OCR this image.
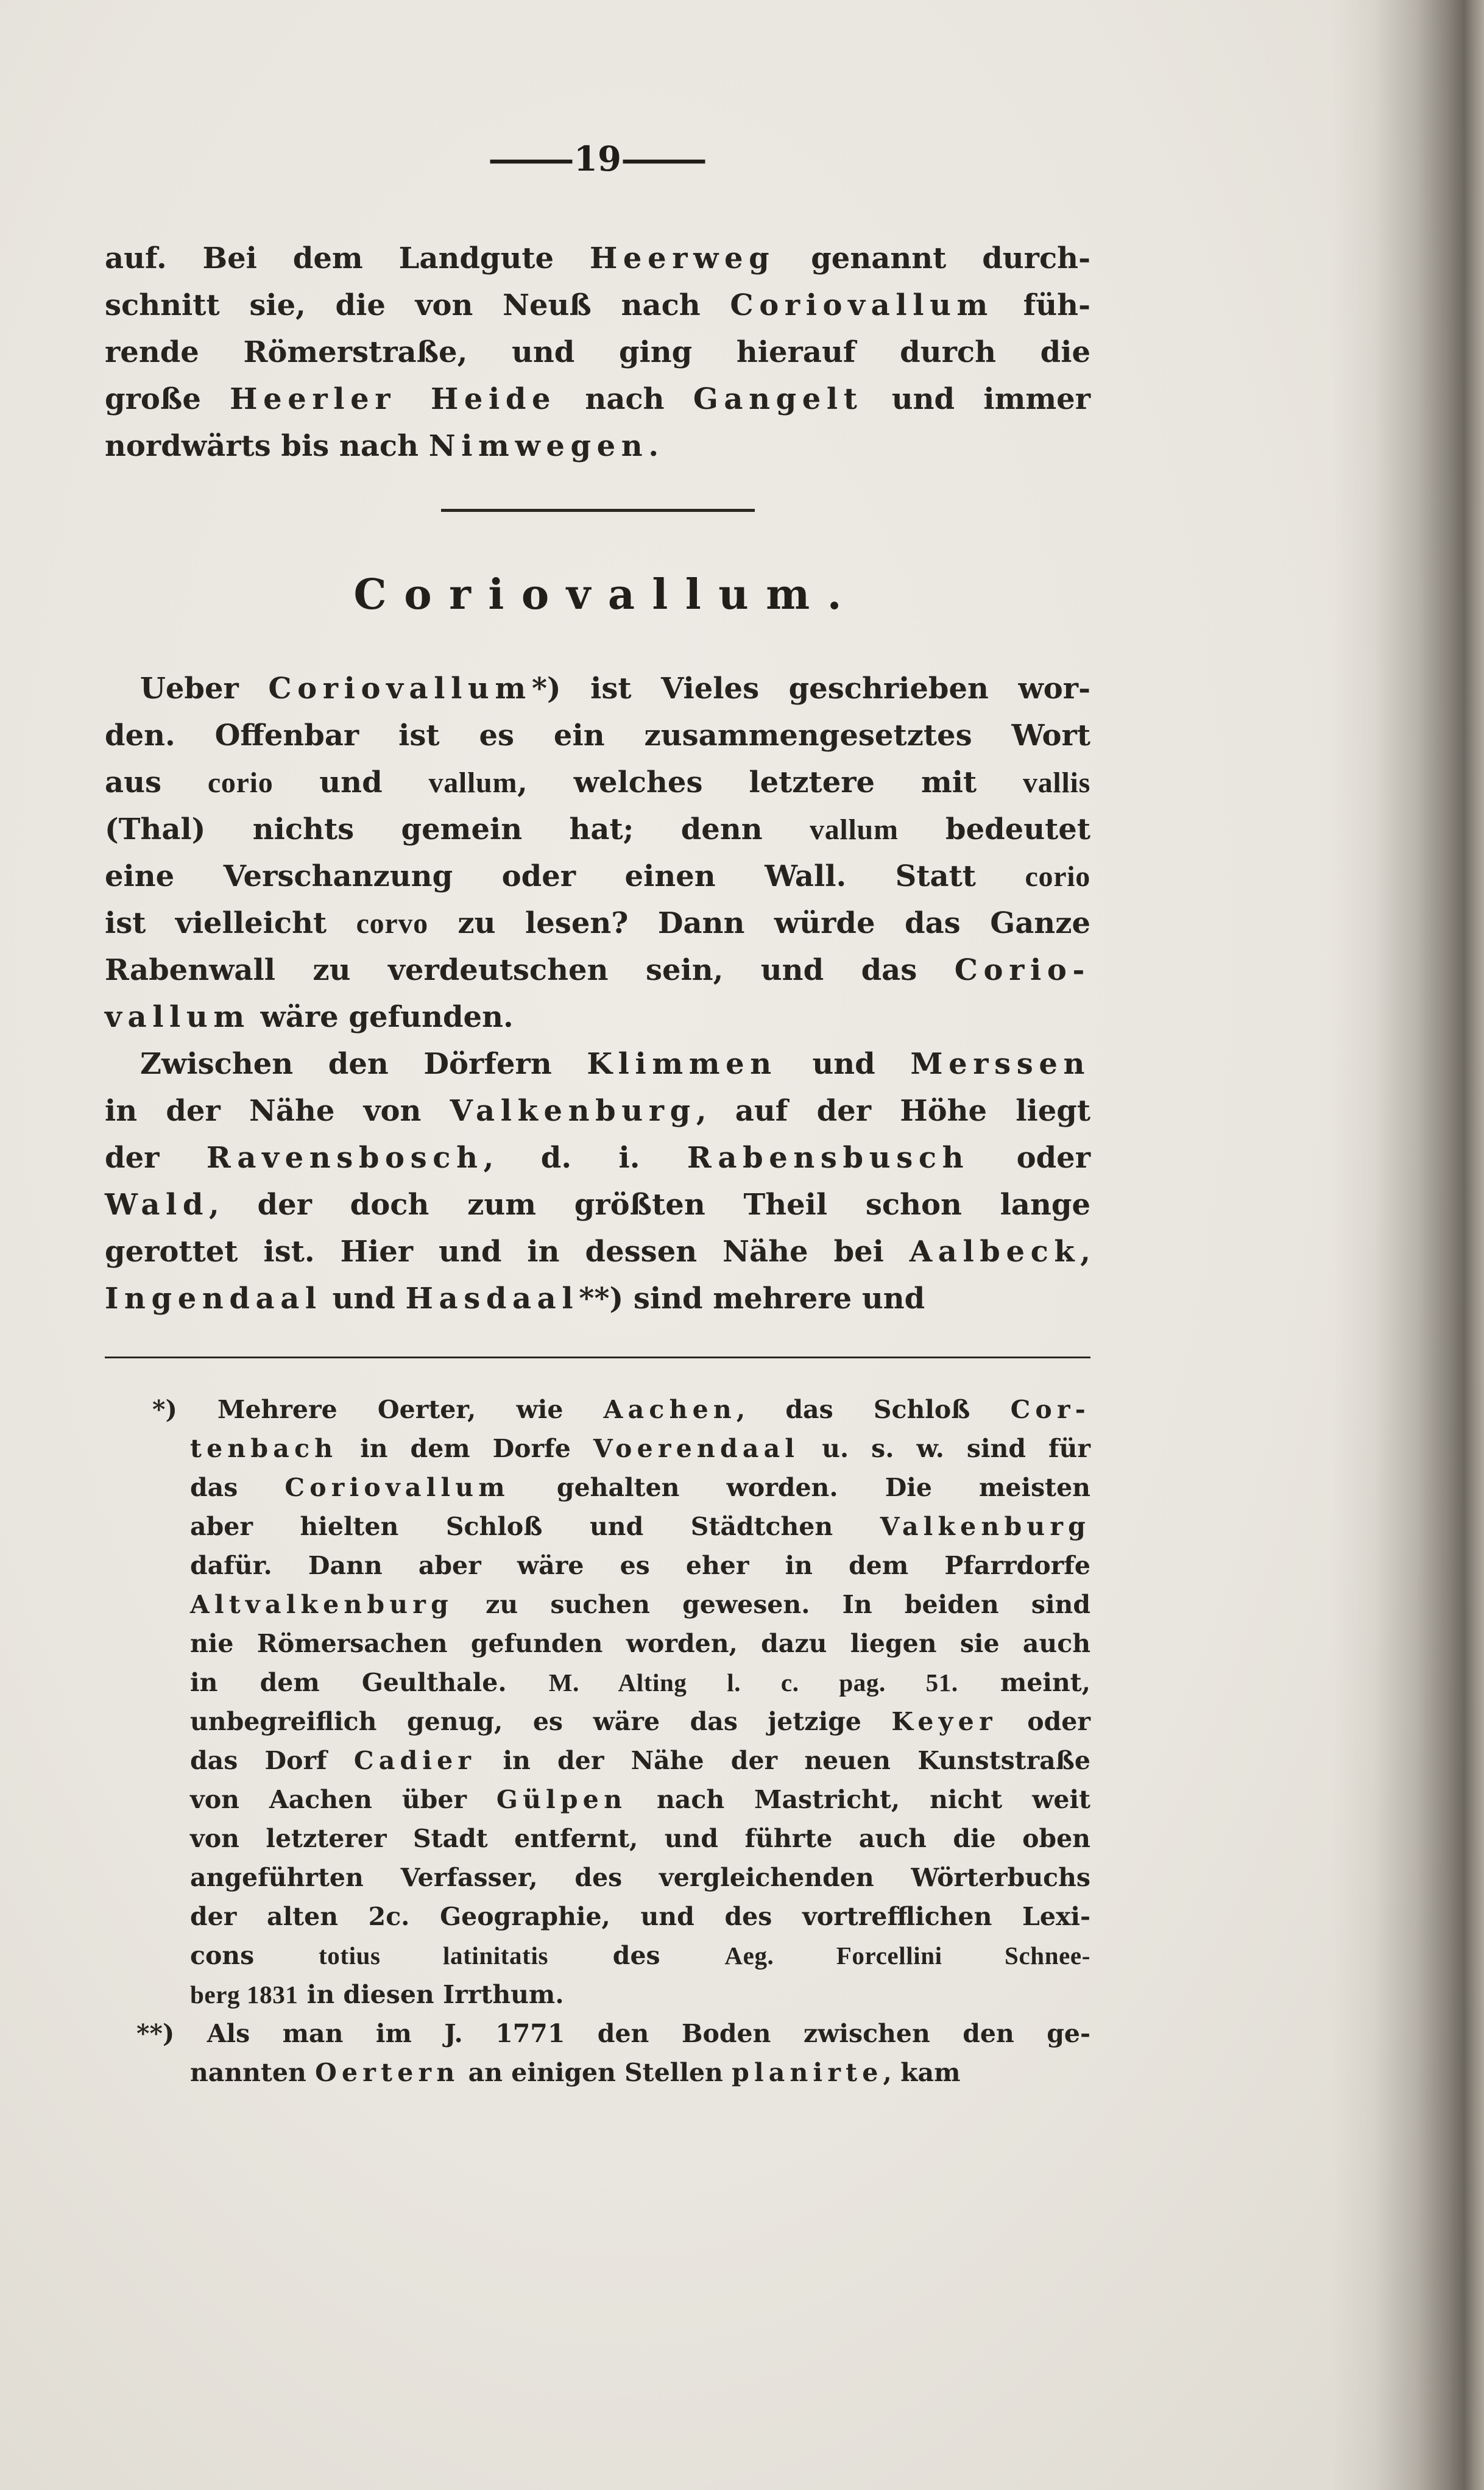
—
19
—
auf. Bei dem Landgute Heerweg genannt durch-
schnitt sie, die von Neuß nach Coriovallum füh-
rende Römerstraße, und ging hierauf durch die
große Heerler Heide nach Gangelt und immer
nordwärts bis nach Nimwegen.
Coriovallum.
Ueber Coriovallum*) ist Vieles geschrieben wor-
den. Offenbar ist es ein zusammengesetztes Wort
aus corio und vallum, welches letztere mit vallis
(Thal) nichts gemein hat; denn vallum bedeutet
eine Verschanzung oder einen Wall. Statt corio
ist vielleicht corvo zu lesen? Dann würde das Ganze
Rabenwall zu verdeutschen sein, und das Corio-
vallum wäre gefunden.
Zwischen den Dörfern Klimmen und Merssen
in der Nähe von Valkenburg, auf der Höhe liegt
der Ravensbosch, d. i. Rabensbusch oder
Wald, der doch zum größten Theil schon lange
gerottet ist. Hier und in dessen Nähe bei Aalbeck,
Ingendaal und Hasdaal**) sind mehrere und
*) Mehrere Oerter, wie Aachen, das Schloß Cor-
tenbach in dem Dorfe Voerendaal u. s. w. sind für
das Coriovallum gehalten worden. Die meisten
aber hielten Schloß und Städtchen Valkenburg
dafür. Dann aber wäre es eher in dem Pfarrdorfe
Altvalkenburg zu suchen gewesen. In beiden sind
nie Römersachen gefunden worden, dazu liegen sie auch
in dem Geulthale. M. Alting l. c. pag. 51. meint,
unbegreiflich genug, es wäre das jetzige Keyer oder
das Dorf Cadier in der Nähe der neuen Kunststraße
von Aachen über Gülpen nach Mastricht, nicht weit
von letzterer Stadt entfernt, und führte auch die oben
angeführten Verfasser, des vergleichenden Wörterbuchs
der alten 2c. Geographie, und des vortrefflichen Lexi-
cons totius latinitatis des Aeg. Forcellini Schnee-
berg 1831 in diesen Irrthum.
**) Als man im J. 1771 den Boden zwischen den ge-
nannten Oertern an einigen Stellen planirte, kam
